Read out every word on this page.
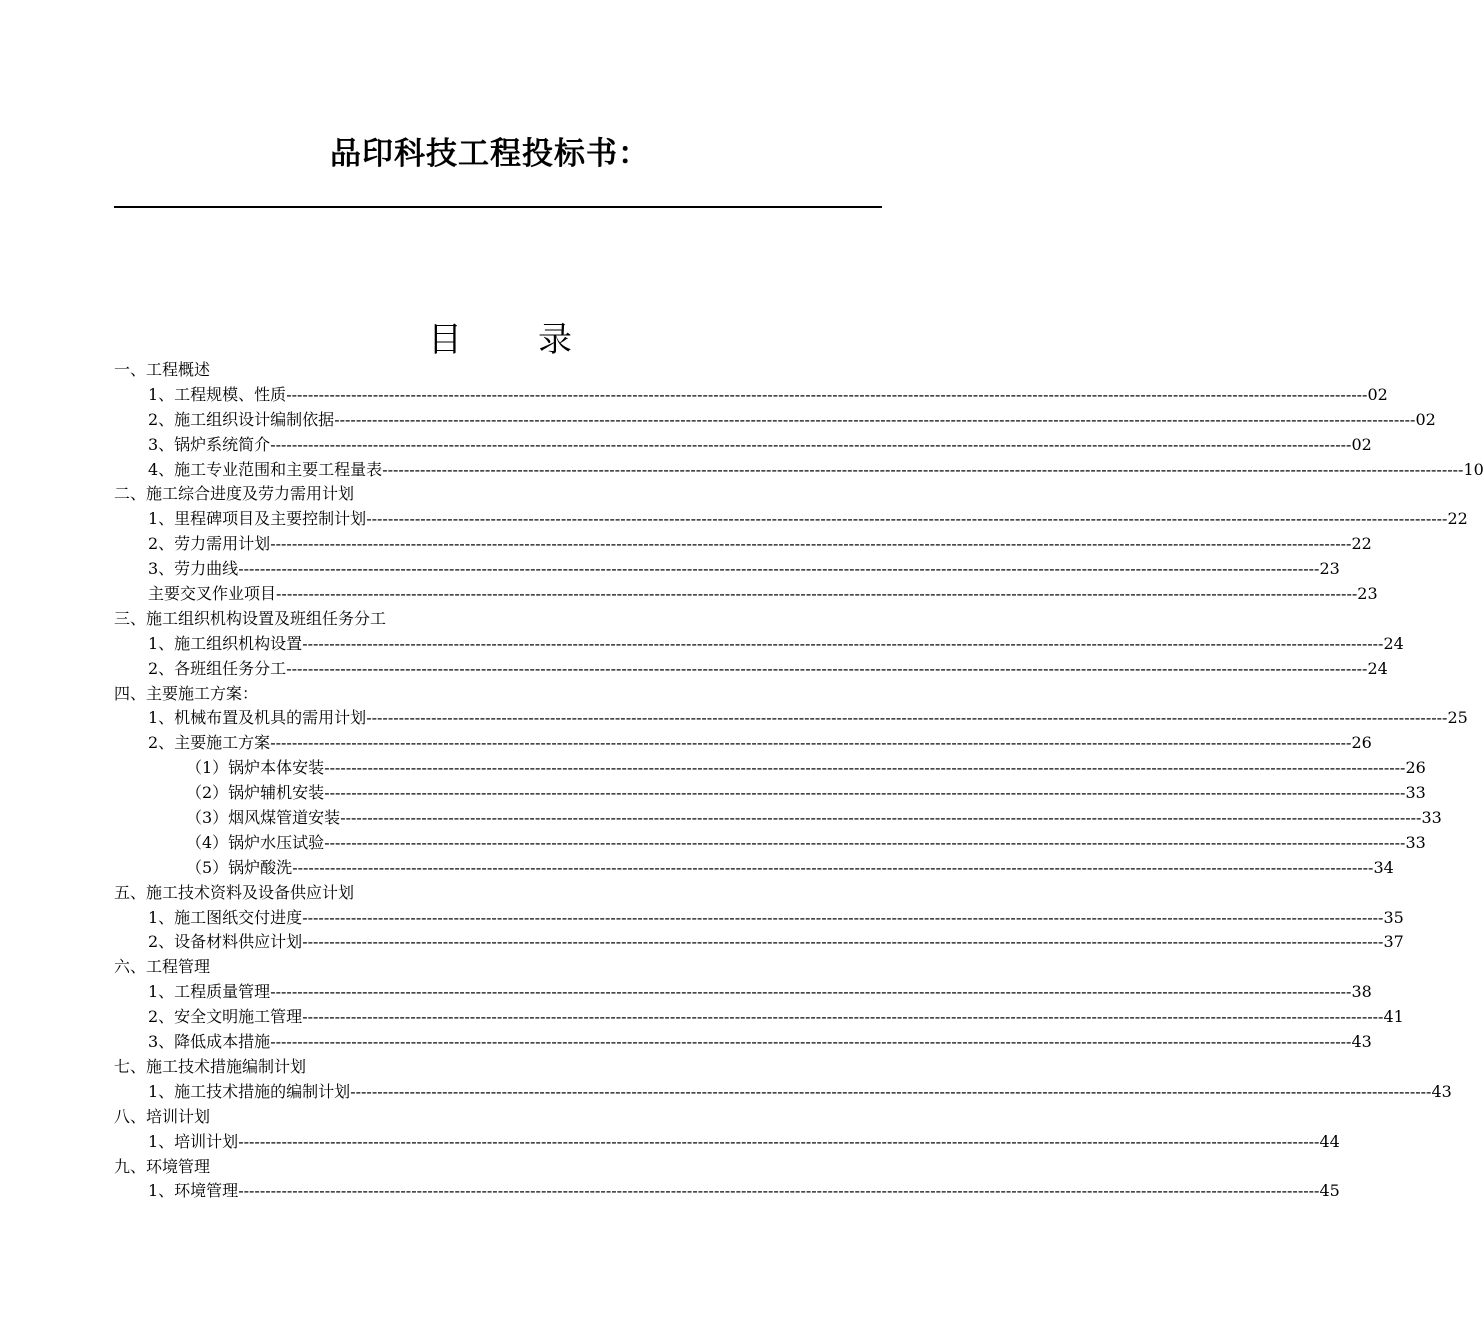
品印科技工程投标书：
目 录
一、工程概述
1、工程规模、性质 -------------------------------------------------------------------------------------------------------------------------------------------------------------------------------------------------------- 02
2、施工组织设计编制依据 -------------------------------------------------------------------------------------------------------------------------------------------------------------------------------------------------------- 02
3、锅炉系统简介 -------------------------------------------------------------------------------------------------------------------------------------------------------------------------------------------------------- 02
4、施工专业范围和主要工程量表 -------------------------------------------------------------------------------------------------------------------------------------------------------------------------------------------------------- 10
二、施工综合进度及劳力需用计划
1、里程碑项目及主要控制计划 -------------------------------------------------------------------------------------------------------------------------------------------------------------------------------------------------------- 22
2、劳力需用计划 -------------------------------------------------------------------------------------------------------------------------------------------------------------------------------------------------------- 22
3、劳力曲线 -------------------------------------------------------------------------------------------------------------------------------------------------------------------------------------------------------- 23
主要交叉作业项目 -------------------------------------------------------------------------------------------------------------------------------------------------------------------------------------------------------- 23
三、施工组织机构设置及班组任务分工
1、施工组织机构设置 -------------------------------------------------------------------------------------------------------------------------------------------------------------------------------------------------------- 24
2、各班组任务分工 -------------------------------------------------------------------------------------------------------------------------------------------------------------------------------------------------------- 24
四、主要施工方案：
1、机械布置及机具的需用计划 -------------------------------------------------------------------------------------------------------------------------------------------------------------------------------------------------------- 25
2、主要施工方案 -------------------------------------------------------------------------------------------------------------------------------------------------------------------------------------------------------- 26
（1）锅炉本体安装 -------------------------------------------------------------------------------------------------------------------------------------------------------------------------------------------------------- 26
（2）锅炉辅机安装 -------------------------------------------------------------------------------------------------------------------------------------------------------------------------------------------------------- 33
（3）烟风煤管道安装 -------------------------------------------------------------------------------------------------------------------------------------------------------------------------------------------------------- 33
（4）锅炉水压试验 -------------------------------------------------------------------------------------------------------------------------------------------------------------------------------------------------------- 33
（5）锅炉酸洗 -------------------------------------------------------------------------------------------------------------------------------------------------------------------------------------------------------- 34
五、施工技术资料及设备供应计划
1、施工图纸交付进度 -------------------------------------------------------------------------------------------------------------------------------------------------------------------------------------------------------- 35
2、设备材料供应计划 -------------------------------------------------------------------------------------------------------------------------------------------------------------------------------------------------------- 37
六、工程管理
1、工程质量管理 -------------------------------------------------------------------------------------------------------------------------------------------------------------------------------------------------------- 38
2、安全文明施工管理 -------------------------------------------------------------------------------------------------------------------------------------------------------------------------------------------------------- 41
3、降低成本措施 -------------------------------------------------------------------------------------------------------------------------------------------------------------------------------------------------------- 43
七、施工技术措施编制计划
1、施工技术措施的编制计划 -------------------------------------------------------------------------------------------------------------------------------------------------------------------------------------------------------- 43
八、培训计划
1、培训计划 -------------------------------------------------------------------------------------------------------------------------------------------------------------------------------------------------------- 44
九、环境管理
1、环境管理 -------------------------------------------------------------------------------------------------------------------------------------------------------------------------------------------------------- 45
